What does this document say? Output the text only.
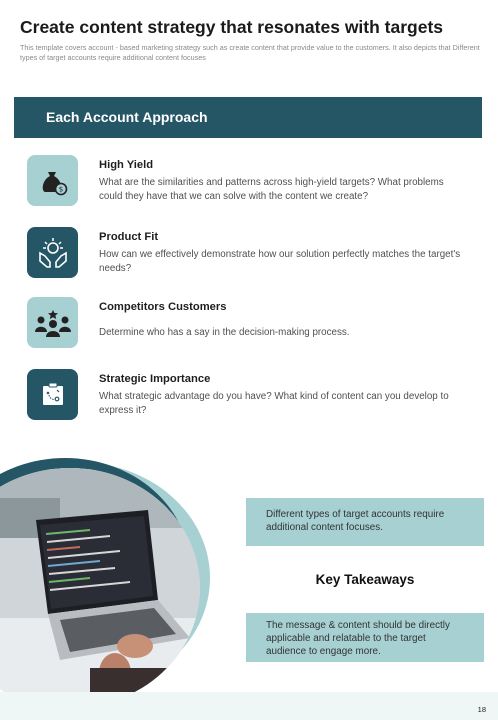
Create content strategy that resonates with targets
This template covers account - based marketing strategy such as create content that provide value to the customers. It also depicts that Different types of target accounts require additional content focuses
Each Account Approach
$
High Yield
What are the similarities and patterns across high-yield targets? What problems could they have that we can solve with the content we create?
Product Fit
How can we effectively demonstrate how our solution perfectly matches the target's needs?
Competitors Customers
Determine who has a say in the decision-making process.
Strategic Importance
What strategic advantage do you have? What kind of content can you develop to express it?
Different types of target accounts require additional content focuses.
Key Takeaways
The message & content should be directly applicable and relatable to the target audience to engage more.
18
